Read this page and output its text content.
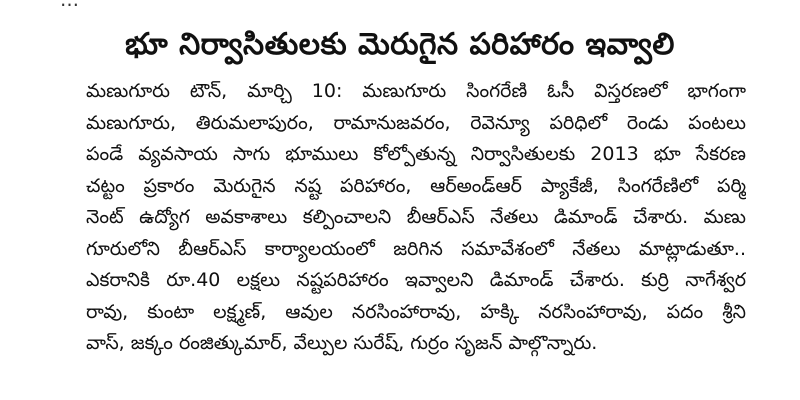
భూ నిర్వాసితులకు మెరుగైన పరిహారం ఇవ్వాలి
మణుగూరు టౌన్, మార్చి 10: మణుగూరు సింగరేణి ఓసీ విస్తరణలో భాగంగా
మణుగూరు, తిరుమలాపురం, రామానుజవరం, రెవెన్యూ పరిధిలో రెండు పంటలు
పండే వ్యవసాయ సాగు భూములు కోల్పోతున్న నిర్వాసితులకు 2013 భూ సేకరణ
చట్టం ప్రకారం మెరుగైన నష్ట పరిహారం, ఆర్అండ్ఆర్ ప్యాకేజీ, సింగరేణిలో పర్మి
నెంట్ ఉద్యోగ అవకాశాలు కల్పించాలని బీఆర్ఎస్ నేతలు డిమాండ్ చేశారు. మణు
గూరులోని బీఆర్ఎస్ కార్యాలయంలో జరిగిన సమావేశంలో నేతలు మాట్లాడుతూ..
ఎకరానికి రూ.40 లక్షలు నష్టపరిహారం ఇవ్వాలని డిమాండ్ చేశారు. కుర్రి నాగేశ్వర
రావు, కుంటా లక్ష్మణ్, ఆవుల నరసింహారావు, హక్కి నరసింహారావు, పదం శ్రీని
వాస్, జక్కం రంజిత్కుమార్, వేల్పుల సురేష్, గుర్రం సృజన్ పాల్గొన్నారు.
